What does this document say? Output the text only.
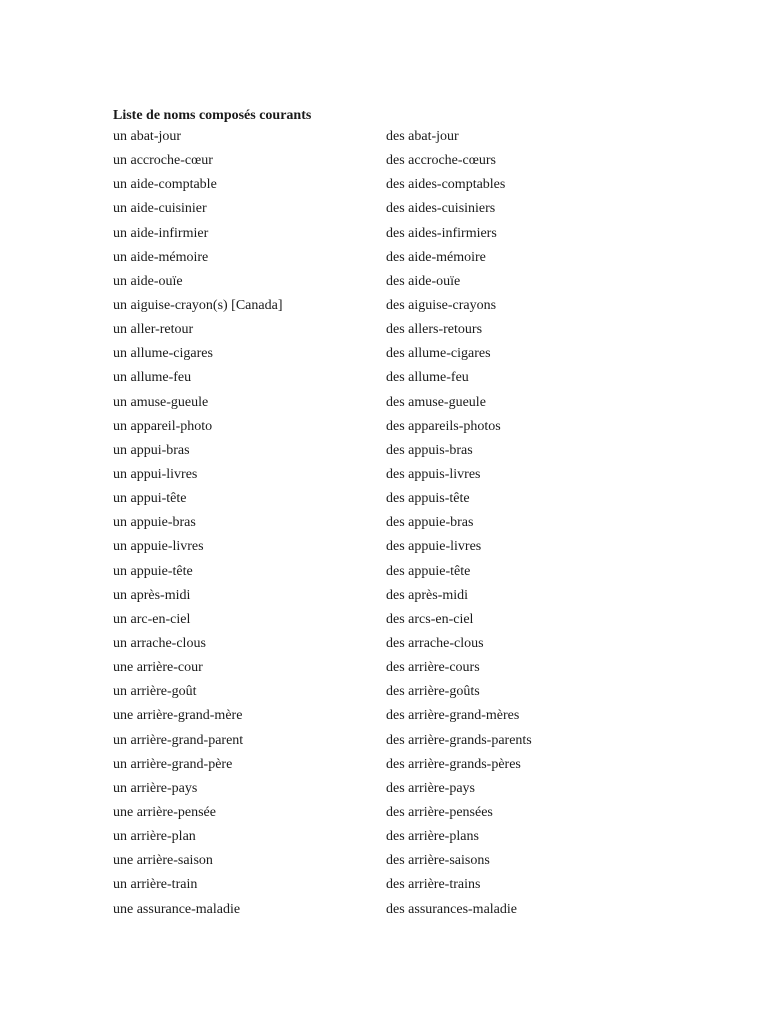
Liste de noms composés courants
un abat-jour	des abat-jour
un accroche-cœur	des accroche-cœurs
un aide-comptable	des aides-comptables
un aide-cuisinier	des aides-cuisiniers
un aide-infirmier	des aides-infirmiers
un aide-mémoire	des aide-mémoire
un aide-ouïe	des aide-ouïe
un aiguise-crayon(s) [Canada]	des aiguise-crayons
un aller-retour	des allers-retours
un allume-cigares	des allume-cigares
un allume-feu	des allume-feu
un amuse-gueule	des amuse-gueule
un appareil-photo	des appareils-photos
un appui-bras	des appuis-bras
un appui-livres	des appuis-livres
un appui-tête	des appuis-tête
un appuie-bras	des appuie-bras
un appuie-livres	des appuie-livres
un appuie-tête	des appuie-tête
un après-midi	des après-midi
un arc-en-ciel	des arcs-en-ciel
un arrache-clous	des arrache-clous
une arrière-cour	des arrière-cours
un arrière-goût	des arrière-goûts
une arrière-grand-mère	des arrière-grand-mères
un arrière-grand-parent	des arrière-grands-parents
un arrière-grand-père	des arrière-grands-pères
un arrière-pays	des arrière-pays
une arrière-pensée	des arrière-pensées
un arrière-plan	des arrière-plans
une arrière-saison	des arrière-saisons
un arrière-train	des arrière-trains
une assurance-maladie	des assurances-maladie
